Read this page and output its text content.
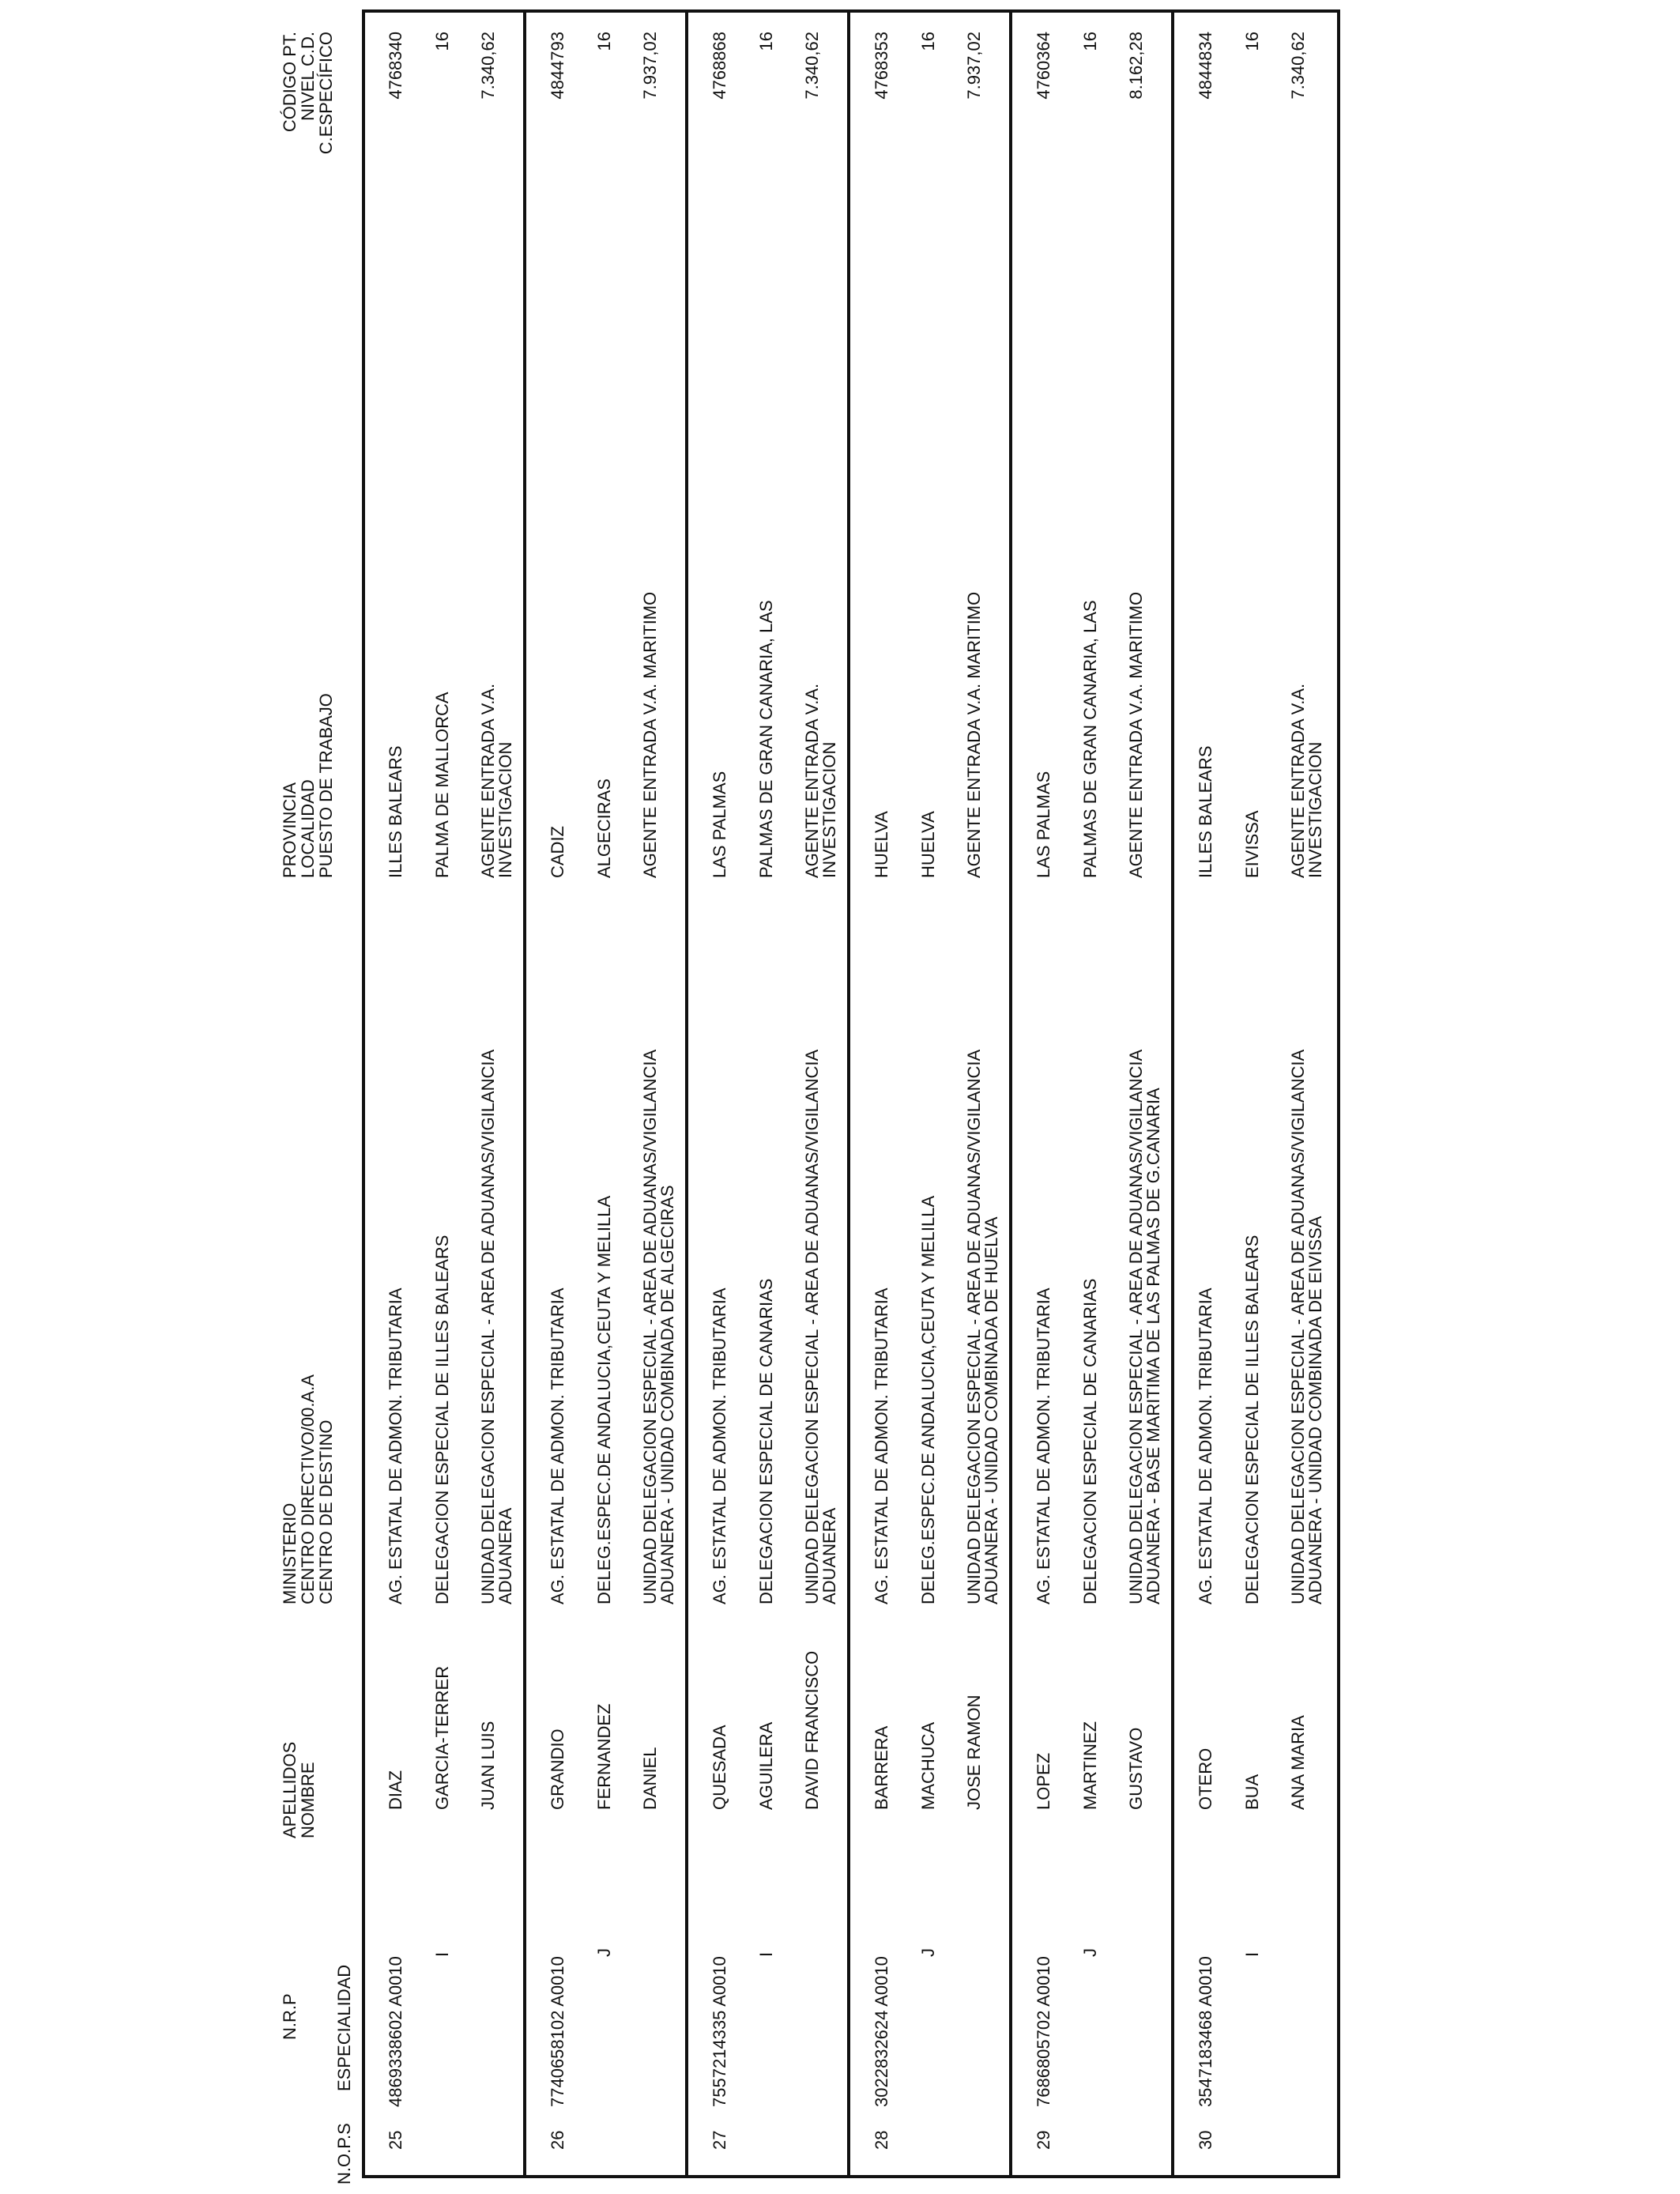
N.O.P.S
N.R.P ESPECIALIDAD
APELLIDOS
NOMBRE
MINISTERIO
CENTRO DIRECTIVO/00.A.A
CENTRO DE DESTINO
PROVINCIA
LOCALIDAD
PUESTO DE TRABAJO
CÓDIGO PT.
NIVEL C.D.
C.ESPECÍFICO
25
4869338602 A0010
I
DIAZ GARCIA-TERRER JUAN LUIS
AG. ESTATAL DE ADMON. TRIBUTARIA DELEGACION ESPECIAL DE ILLES BALEARS UNIDAD DELEGACION ESPECIAL - AREA DE ADUANAS/VIGILANCIA
ADUANERA
ILLES BALEARS PALMA DE MALLORCA AGENTE ENTRADA V.A.
INVESTIGACION
4768340 16 7.340,62
26
7740658102 A0010
J
GRANDIO FERNANDEZ DANIEL
AG. ESTATAL DE ADMON. TRIBUTARIA DELEG.ESPEC.DE ANDALUCIA,CEUTA Y MELILLA UNIDAD DELEGACION ESPECIAL - AREA DE ADUANAS/VIGILANCIA
ADUANERA - UNIDAD COMBINADA DE ALGECIRAS
CADIZ ALGECIRAS AGENTE ENTRADA V.A. MARITIMO
4844793 16 7.937,02
27
7557214335 A0010
I
QUESADA AGUILERA DAVID FRANCISCO
AG. ESTATAL DE ADMON. TRIBUTARIA DELEGACION ESPECIAL DE CANARIAS UNIDAD DELEGACION ESPECIAL - AREA DE ADUANAS/VIGILANCIA
ADUANERA
LAS PALMAS PALMAS DE GRAN CANARIA, LAS AGENTE ENTRADA V.A.
INVESTIGACION
4768868 16 7.340,62
28
3022832624 A0010
J
BARRERA MACHUCA JOSE RAMON
AG. ESTATAL DE ADMON. TRIBUTARIA DELEG.ESPEC.DE ANDALUCIA,CEUTA Y MELILLA UNIDAD DELEGACION ESPECIAL - AREA DE ADUANAS/VIGILANCIA
ADUANERA - UNIDAD COMBINADA DE HUELVA
HUELVA HUELVA AGENTE ENTRADA V.A. MARITIMO
4768353 16 7.937,02
29
7686805702 A0010
J
LOPEZ MARTINEZ GUSTAVO
AG. ESTATAL DE ADMON. TRIBUTARIA DELEGACION ESPECIAL DE CANARIAS UNIDAD DELEGACION ESPECIAL - AREA DE ADUANAS/VIGILANCIA
ADUANERA - BASE MARITIMA DE LAS PALMAS DE G.CANARIA
LAS PALMAS PALMAS DE GRAN CANARIA, LAS AGENTE ENTRADA V.A. MARITIMO
4760364 16 8.162,28
30
3547183468 A0010
I
OTERO BUA ANA MARIA
AG. ESTATAL DE ADMON. TRIBUTARIA DELEGACION ESPECIAL DE ILLES BALEARS UNIDAD DELEGACION ESPECIAL - AREA DE ADUANAS/VIGILANCIA
ADUANERA - UNIDAD COMBINADA DE EIVISSA
ILLES BALEARS EIVISSA AGENTE ENTRADA V.A.
INVESTIGACION
4844834 16 7.340,62
